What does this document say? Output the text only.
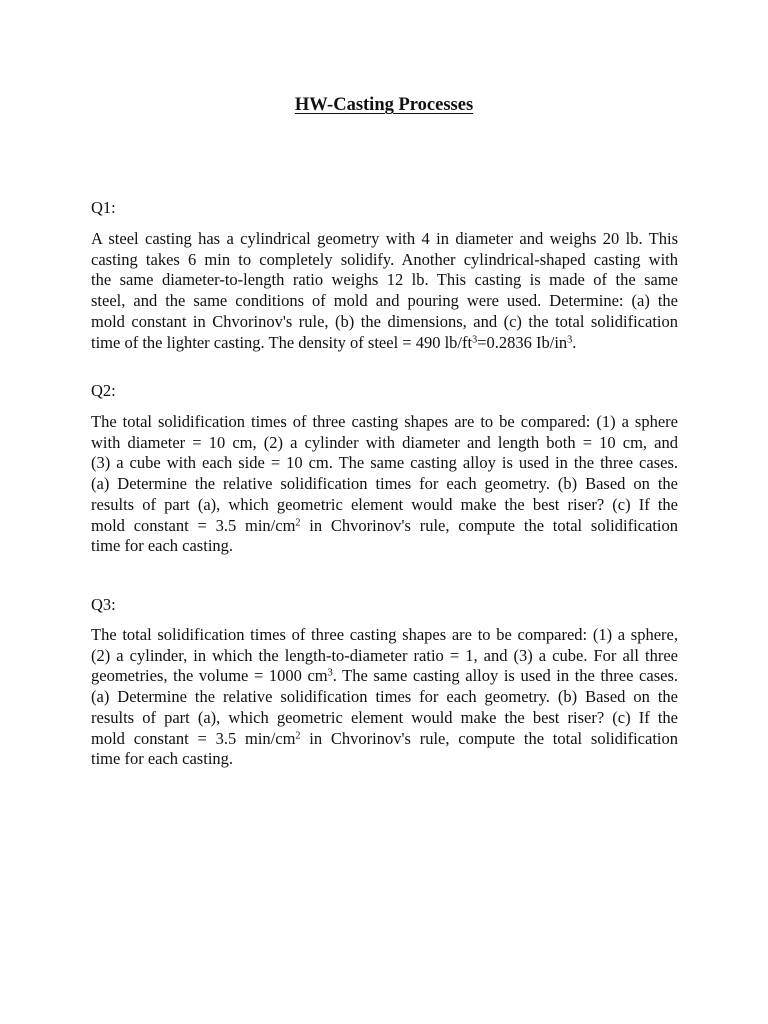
HW-Casting Processes
Q1:
A steel casting has a cylindrical geometry with 4 in diameter and weighs 20 lb. This
casting takes 6 min to completely solidify. Another cylindrical-shaped casting with
the same diameter-to-length ratio weighs 12 lb. This casting is made of the same
steel, and the same conditions of mold and pouring were used. Determine: (a) the
mold constant in Chvorinov's rule, (b) the dimensions, and (c) the total solidification
time of the lighter casting. The density of steel = 490 $lb/ft^3=0.2836$ $Ib/in^3$.
Q2:
The total solidification times of three casting shapes are to be compared: (1) a sphere
with diameter = 10 cm, (2) a cylinder with diameter and length both = 10 cm, and
(3) a cube with each side = 10 cm. The same casting alloy is used in the three cases.
(a) Determine the relative solidification times for each geometry. (b) Based on the
results of part (a), which geometric element would make the best riser? (c) If the
mold constant = 3.5 $\min/cm^2$ in Chvorinov's rule, compute the total solidification
time for each casting.
Q3:
The total solidification times of three casting shapes are to be compared: (1) a sphere,
(2) a cylinder, in which the length-to-diameter ratio = 1, and (3) a cube. For all three
geometries, the volume = 1000 $cm^3$. The same casting alloy is used in the three cases.
(a) Determine the relative solidification times for each geometry. (b) Based on the
results of part (a), which geometric element would make the best riser? (c) If the
mold constant = 3.5 $\min/cm^2$ in Chvorinov's rule, compute the total solidification
time for each casting.
